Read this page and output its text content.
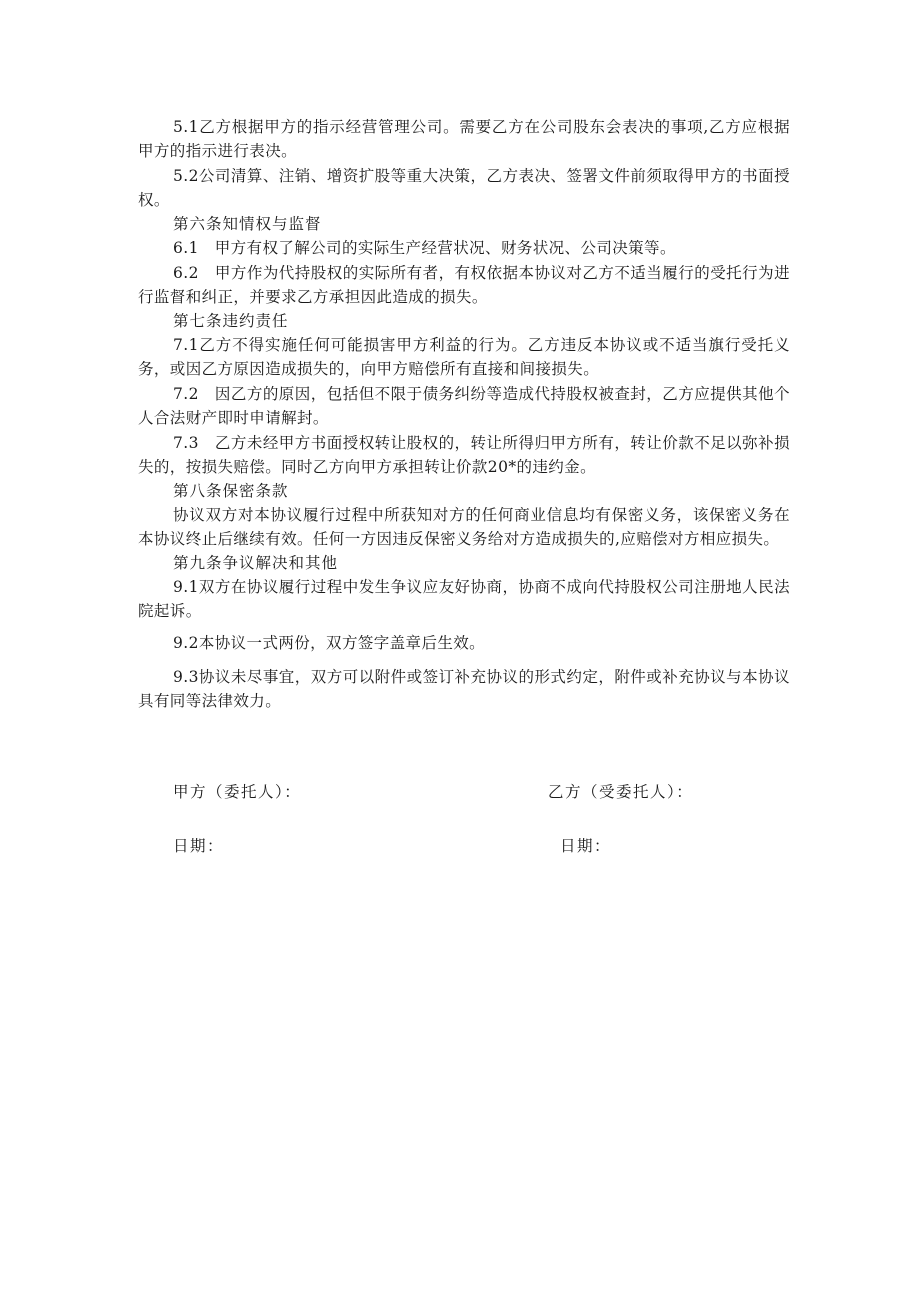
5.1乙方根据甲方的指示经营管理公司。需要乙方在公司股东会表决的事项,乙方应根据甲方的指示进行表决。

5.2公司清算、注销、增资扩股等重大决策，乙方表决、签署文件前须取得甲方的书面授权。

第六条知情权与监督

6.1　甲方有权了解公司的实际生产经营状况、财务状况、公司决策等。

6.2　甲方作为代持股权的实际所有者，有权依据本协议对乙方不适当履行的受托行为进行监督和纠正，并要求乙方承担因此造成的损失。

第七条违约责任

7.1乙方不得实施任何可能损害甲方利益的行为。乙方违反本协议或不适当旗行受托义务，或因乙方原因造成损失的，向甲方赔偿所有直接和间接损失。

7.2　因乙方的原因，包括但不限于债务纠纷等造成代持股权被查封，乙方应提供其他个人合法财产即时申请解封。

7.3　乙方未经甲方书面授权转让股权的，转让所得归甲方所有，转让价款不足以弥补损失的，按损失赔偿。同时乙方向甲方承担转让价款20*的违约金。

第八条保密条款

协议双方对本协议履行过程中所获知对方的任何商业信息均有保密义务，该保密义务在本协议终止后继续有效。任何一方因违反保密义务给对方造成损失的,应赔偿对方相应损失。

第九条争议解决和其他

9.1双方在协议履行过程中发生争议应友好协商，协商不成向代持股权公司注册地人民法院起诉。

9.2本协议一式两份，双方签字盖章后生效。

9.3协议未尽事宜，双方可以附件或签订补充协议的形式约定，附件或补充协议与本协议具有同等法律效力。

甲方（委托人）：	乙方（受委托人）：
日期：	日期：
